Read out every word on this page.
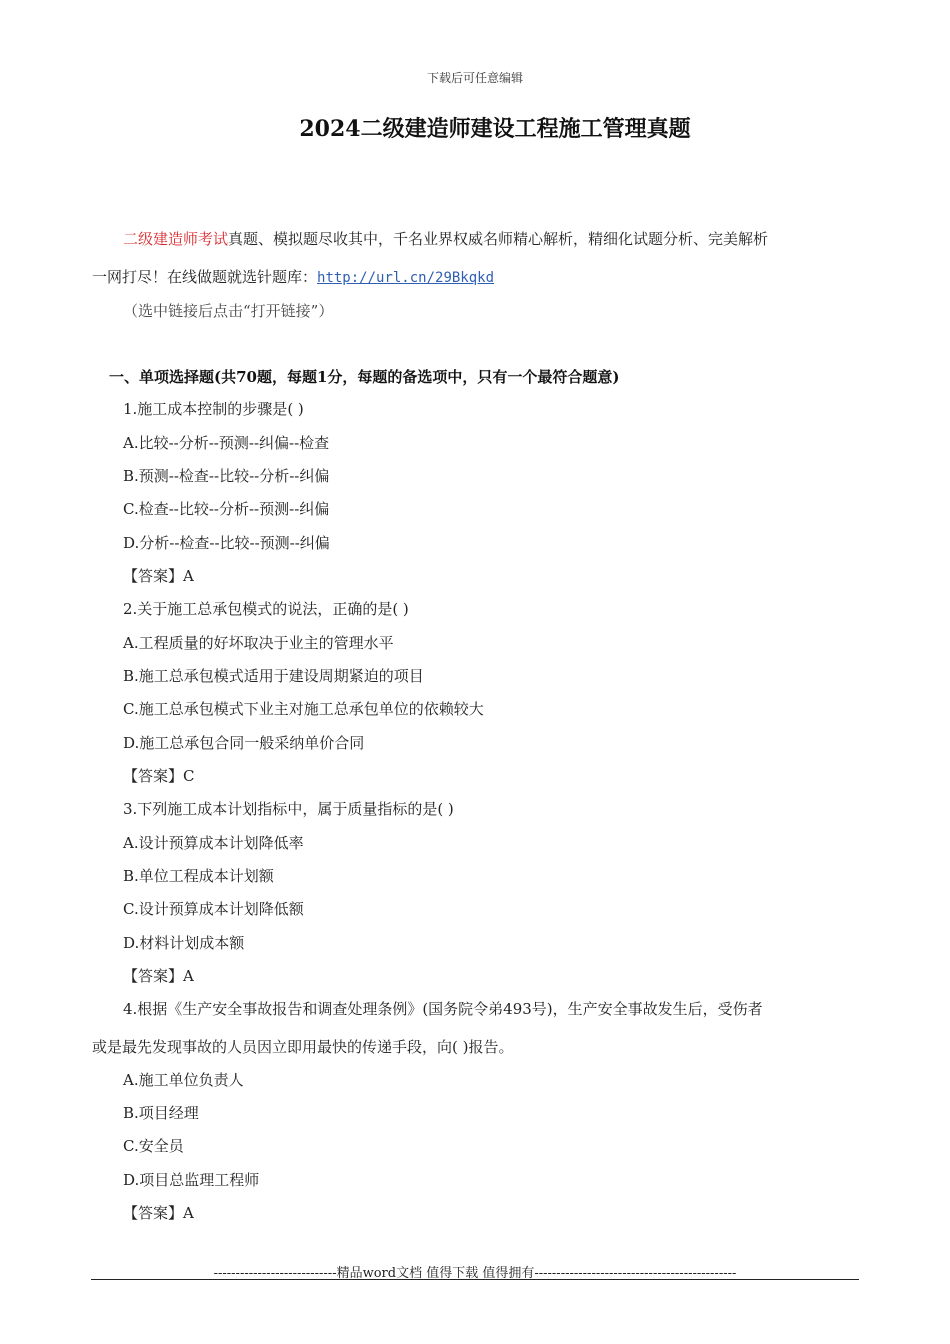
下载后可任意编辑
2024二级建造师建设工程施工管理真题
二级建造师考试真题、模拟题尽收其中，千名业界权威名师精心解析，精细化试题分析、完美解析
一网打尽！在线做题就选针题库：http://url.cn/29Bkqkd
（选中链接后点击“打开链接”）
一、单项选择题(共70题，每题1分，每题的备选项中，只有一个最符合题意)
1.施工成本控制的步骤是( )
A.比较--分析--预测--纠偏--检查
B.预测--检查--比较--分析--纠偏
C.检查--比较--分析--预测--纠偏
D.分析--检查--比较--预测--纠偏
【答案】A
2.关于施工总承包模式的说法，正确的是( )
A.工程质量的好坏取决于业主的管理水平
B.施工总承包模式适用于建设周期紧迫的项目
C.施工总承包模式下业主对施工总承包单位的依赖较大
D.施工总承包合同一般采纳单价合同
【答案】C
3.下列施工成本计划指标中，属于质量指标的是( )
A.设计预算成本计划降低率
B.单位工程成本计划额
C.设计预算成本计划降低额
D.材料计划成本额
【答案】A
4.根据《生产安全事故报告和调查处理条例》(国务院令弟493号)，生产安全事故发生后，受伤者
或是最先发现事故的人员因立即用最快的传递手段，向( )报告。
A.施工单位负责人
B.项目经理
C.安全员
D.项目总监理工程师
【答案】A
----------------------------精品word文档 值得下载 值得拥有----------------------------------------------
